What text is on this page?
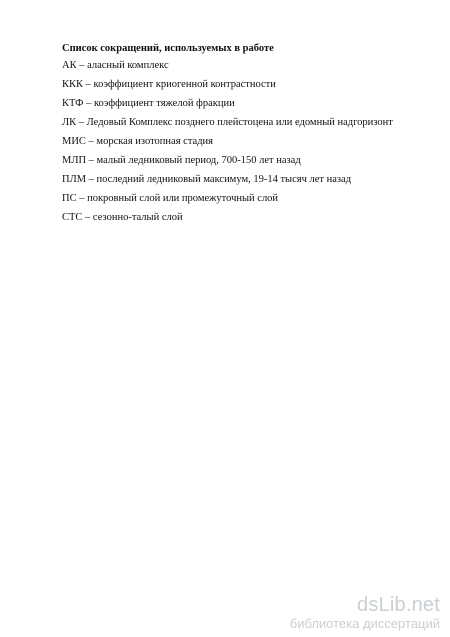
Список сокращений, используемых в работе
АК – аласный комплекс
ККК – коэффициент криогенной контрастности
КТФ – коэффициент тяжелой фракции
ЛК – Ледовый Комплекс позднего плейстоцена или едомный надгоризонт
МИС – морская изотопная стадия
МЛП – малый ледниковый период, 700-150 лет назад
ПЛМ – последний ледниковый максимум, 19-14 тысяч лет назад
ПС – покровный слой или промежуточный слой
СТС – сезонно-талый слой
dsLib.net
библиотека диссертаций
